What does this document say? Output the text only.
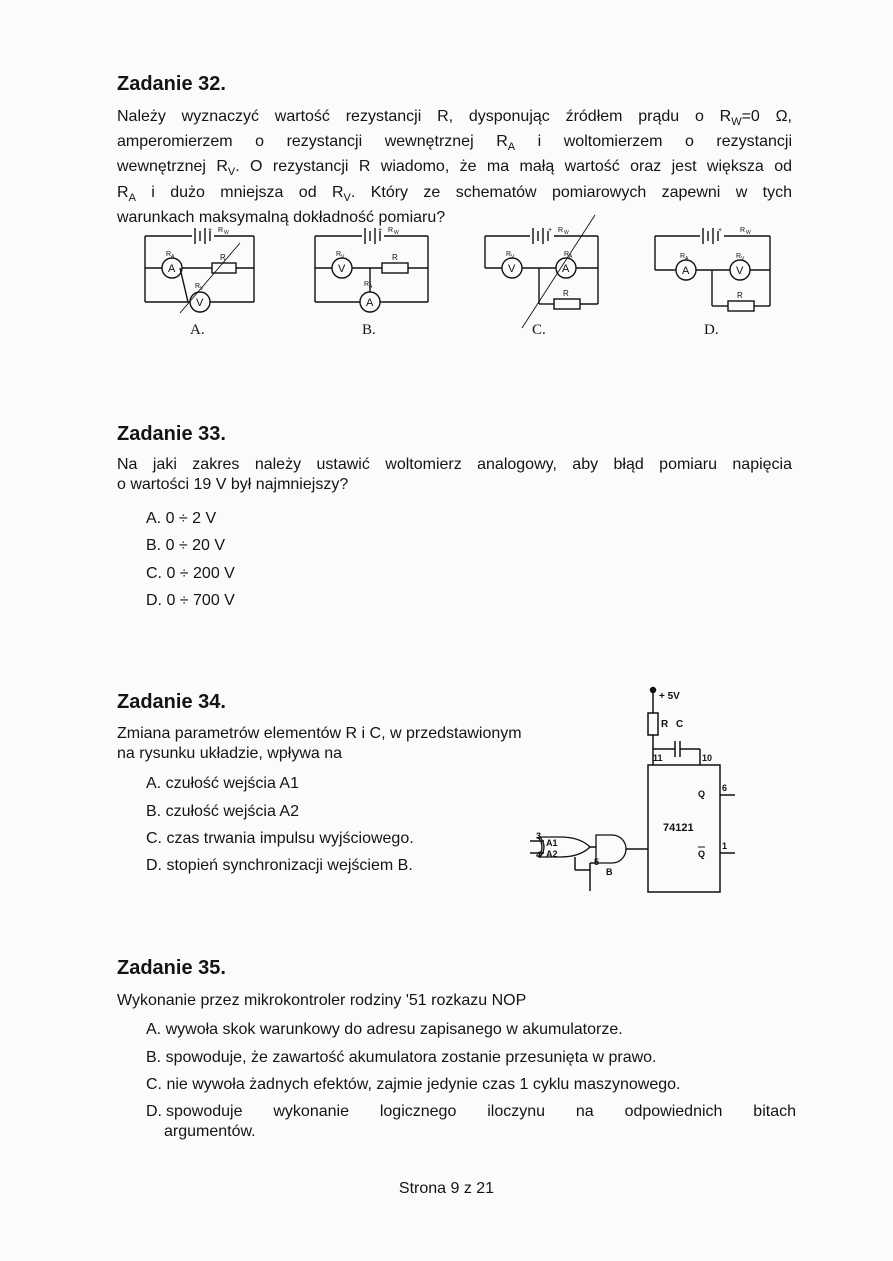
Zadanie 32.
Należy wyznaczyć wartość rezystancji R, dysponując źródłem prądu o $R_W=0$ Ω,
amperomierzem o rezystancji wewnętrznej $R_A$ i woltomierzem o rezystancji
wewnętrznej $R_V$. O rezystancji R wiadomo, że ma małą wartość oraz jest większa od
$R_A$ i dużo mniejsza od $R_V$. Który ze schematów pomiarowych zapewni w tych
warunkach maksymalną dokładność pomiaru?
+ R W
R A
A
R
R V
V
A.
+ R W
R V
V
R
R A
A
B.
+ R W
R V
V
R A
A
R
C.
+	R W
R A
A
R V
V
R
D.
Zadanie 33.
Na jaki zakres należy ustawić woltomierz analogowy, aby błąd pomiaru napięcia
o wartości 19 V był najmniejszy?
A. 0 ÷ 2 V
B. 0 ÷ 20 V
C. 0 ÷ 200 V
D. 0 ÷ 700 V
Zadanie 34.
Zmiana parametrów elementów R i C, w przedstawionym
na rysunku układzie, wpływa na
A. czułość wejścia A1
B. czułość wejścia A2
C. czas trwania impulsu wyjściowego.
D. stopień synchronizacji wejściem B.
+ 5V
R C
11	10
Q
6
74121
Q
1
3
4
A1
A2
5
B
Zadanie 35.
Wykonanie przez mikrokontroler rodziny '51 rozkazu NOP
A. wywoła skok warunkowy do adresu zapisanego w akumulatorze.
B. spowoduje, że zawartość akumulatora zostanie przesunięta w prawo.
C. nie wywoła żadnych efektów, zajmie jedynie czas 1 cyklu maszynowego.
D. spowoduje wykonanie logicznego iloczynu na odpowiednich bitach
argumentów.
Strona 9 z 21
